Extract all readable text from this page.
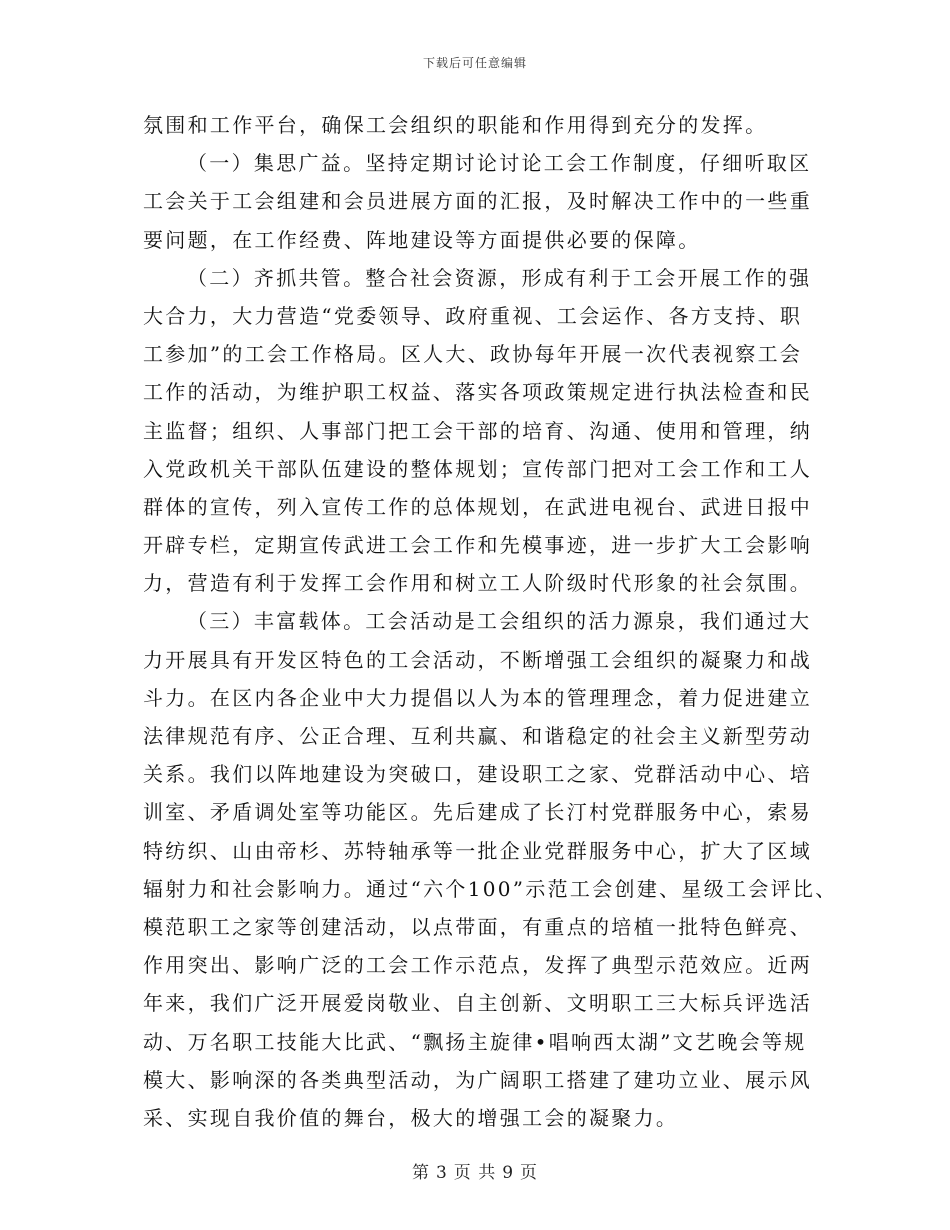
下载后可任意编辑
氛围和工作平台，确保工会组织的职能和作用得到充分的发挥。
（一）集思广益。坚持定期讨论讨论工会工作制度，仔细听取区
工会关于工会组建和会员进展方面的汇报，及时解决工作中的一些重
要问题，在工作经费、阵地建设等方面提供必要的保障。
（二）齐抓共管。整合社会资源，形成有利于工会开展工作的强
大合力，大力营造“党委领导、政府重视、工会运作、各方支持、职
工参加”的工会工作格局。区人大、政协每年开展一次代表视察工会
工作的活动，为维护职工权益、落实各项政策规定进行执法检查和民
主监督；组织、人事部门把工会干部的培育、沟通、使用和管理，纳
入党政机关干部队伍建设的整体规划；宣传部门把对工会工作和工人
群体的宣传，列入宣传工作的总体规划，在武进电视台、武进日报中
开辟专栏，定期宣传武进工会工作和先模事迹，进一步扩大工会影响
力，营造有利于发挥工会作用和树立工人阶级时代形象的社会氛围。
（三）丰富载体。工会活动是工会组织的活力源泉，我们通过大
力开展具有开发区特色的工会活动，不断增强工会组织的凝聚力和战
斗力。在区内各企业中大力提倡以人为本的管理理念，着力促进建立
法律规范有序、公正合理、互利共赢、和谐稳定的社会主义新型劳动
关系。我们以阵地建设为突破口，建设职工之家、党群活动中心、培
训室、矛盾调处室等功能区。先后建成了长汀村党群服务中心，索易
特纺织、山由帝杉、苏特轴承等一批企业党群服务中心，扩大了区域
辐射力和社会影响力。通过“六个100”示范工会创建、星级工会评比、
模范职工之家等创建活动，以点带面，有重点的培植一批特色鲜亮、
作用突出、影响广泛的工会工作示范点，发挥了典型示范效应。近两
年来，我们广泛开展爱岗敬业、自主创新、文明职工三大标兵评选活
动、万名职工技能大比武、“飘扬主旋律•唱响西太湖”文艺晚会等规
模大、影响深的各类典型活动，为广阔职工搭建了建功立业、展示风
采、实现自我价值的舞台，极大的增强工会的凝聚力。
第 3 页 共 9 页
